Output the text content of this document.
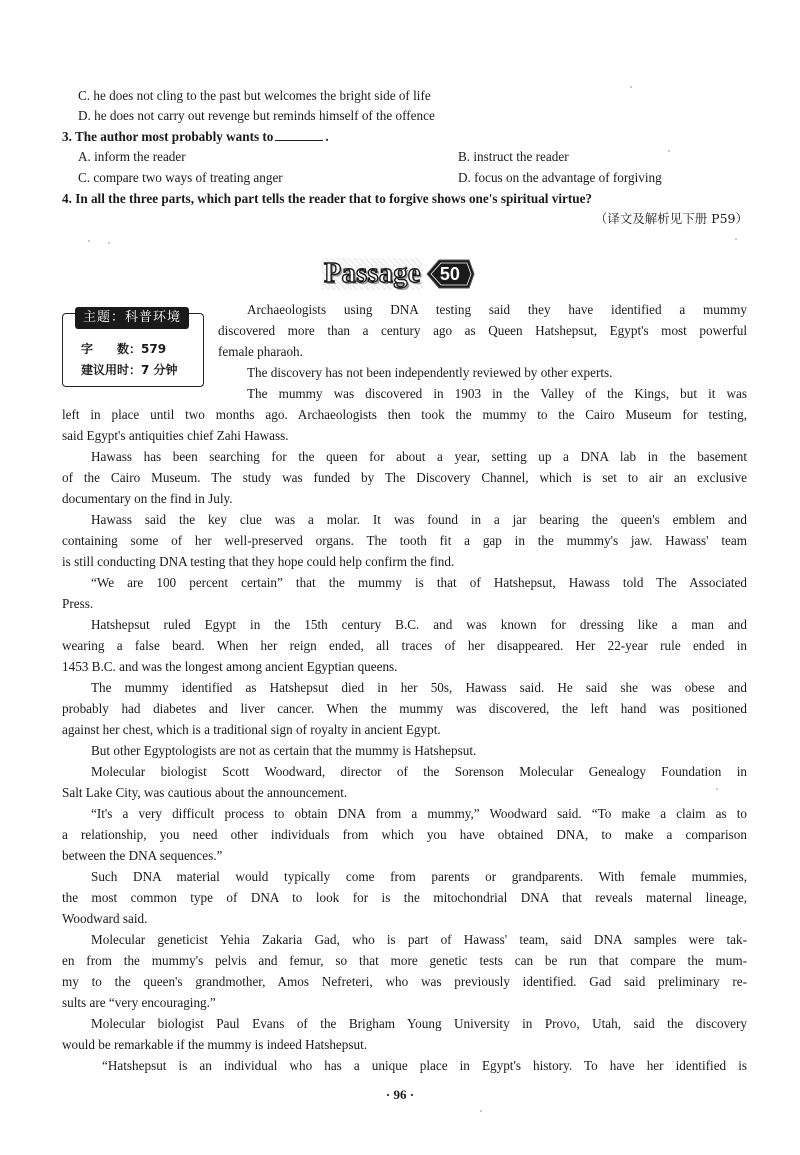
C. he does not cling to the past but welcomes the bright side of life
D. he does not carry out revenge but reminds himself of the offence
3. The author most probably wants to	.
A. inform the reader	B. instruct the reader
C. compare two ways of treating anger	D. focus on the advantage of forgiving
4. In all the three parts, which part tells the reader that to forgive shows one's spiritual virtue?
（译文及解析见下册 P59）
Passage	50
主题：科普环境
字　　数：579
建议用时：7 分钟
Archaeologists using DNA testing said they have identified a mummy
discovered more than a century ago as Queen Hatshepsut, Egypt's most powerful
female pharaoh.
The discovery has not been independently reviewed by other experts.
The mummy was discovered in 1903 in the Valley of the Kings, but it was
left in place until two months ago. Archaeologists then took the mummy to the Cairo Museum for testing,
said Egypt's antiquities chief Zahi Hawass.
Hawass has been searching for the queen for about a year, setting up a DNA lab in the basement
of the Cairo Museum. The study was funded by The Discovery Channel, which is set to air an exclusive
documentary on the find in July.
Hawass said the key clue was a molar. It was found in a jar bearing the queen's emblem and
containing some of her well-preserved organs. The tooth fit a gap in the mummy's jaw. Hawass' team
is still conducting DNA testing that they hope could help confirm the find.
“We are 100 percent certain” that the mummy is that of Hatshepsut, Hawass told The Associated
Press.
Hatshepsut ruled Egypt in the 15th century B.C. and was known for dressing like a man and
wearing a false beard. When her reign ended, all traces of her disappeared. Her 22-year rule ended in
1453 B.C. and was the longest among ancient Egyptian queens.
The mummy identified as Hatshepsut died in her 50s, Hawass said. He said she was obese and
probably had diabetes and liver cancer. When the mummy was discovered, the left hand was positioned
against her chest, which is a traditional sign of royalty in ancient Egypt.
But other Egyptologists are not as certain that the mummy is Hatshepsut.
Molecular biologist Scott Woodward, director of the Sorenson Molecular Genealogy Foundation in
Salt Lake City, was cautious about the announcement.
“It's a very difficult process to obtain DNA from a mummy,” Woodward said. “To make a claim as to
a relationship, you need other individuals from which you have obtained DNA, to make a comparison
between the DNA sequences.”
Such DNA material would typically come from parents or grandparents. With female mummies,
the most common type of DNA to look for is the mitochondrial DNA that reveals maternal lineage,
Woodward said.
Molecular geneticist Yehia Zakaria Gad, who is part of Hawass' team, said DNA samples were tak-
en from the mummy's pelvis and femur, so that more genetic tests can be run that compare the mum-
my to the queen's grandmother, Amos Nefreteri, who was previously identified. Gad said preliminary re-
sults are “very encouraging.”
Molecular biologist Paul Evans of the Brigham Young University in Provo, Utah, said the discovery
would be remarkable if the mummy is indeed Hatshepsut.
“Hatshepsut is an individual who has a unique place in Egypt's history. To have her identified is
· 96 ·
